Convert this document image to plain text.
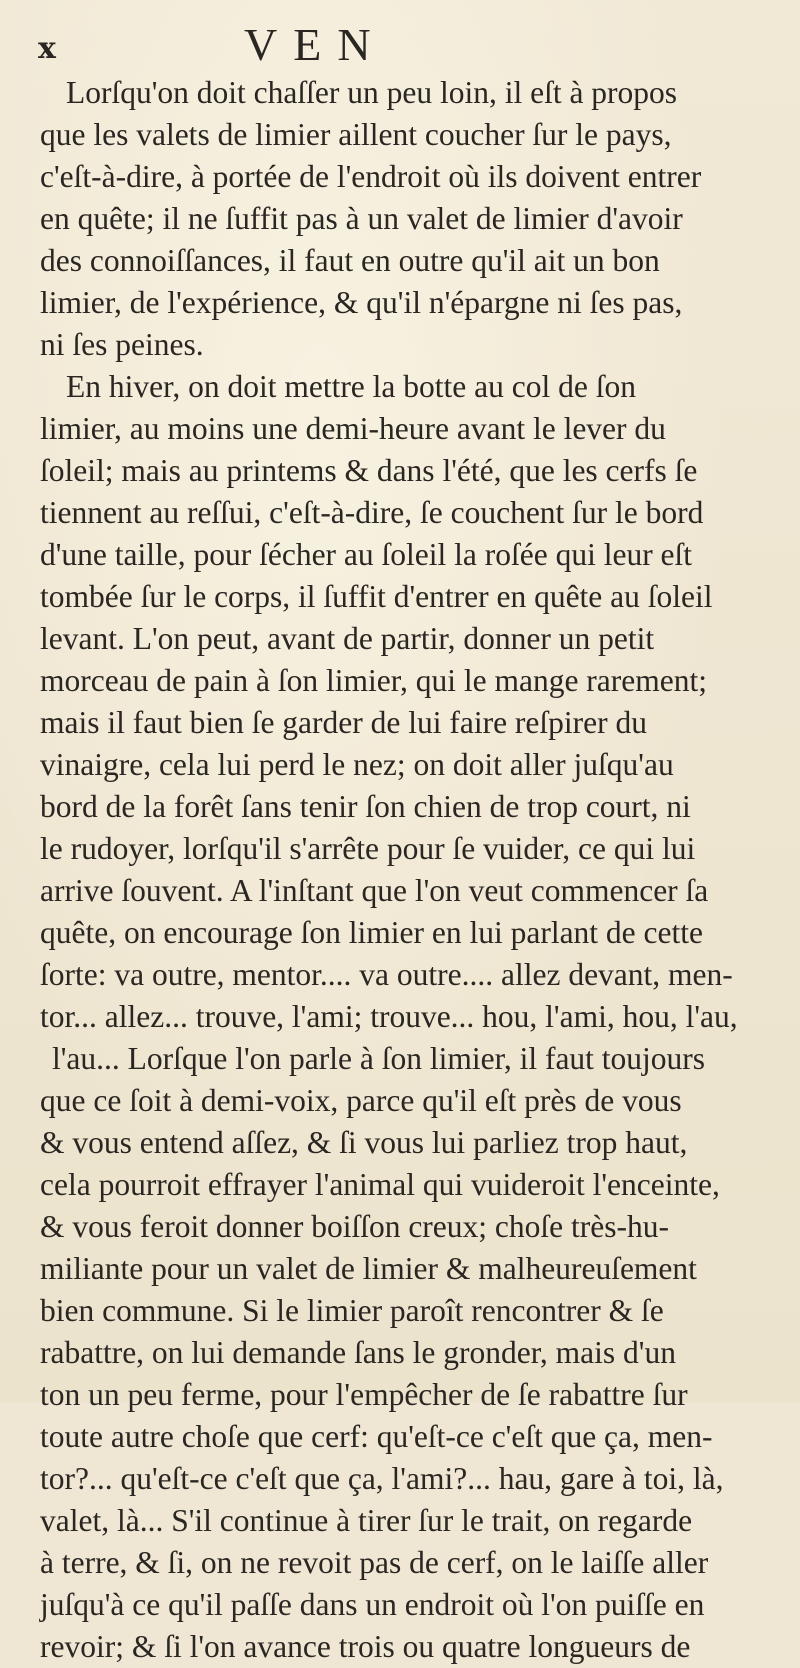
x	VEN
Lorſqu'on doit chaſſer un peu loin, il eſt à propos
que les valets de limier aillent coucher ſur le pays,
c'eſt-à-dire, à portée de l'endroit où ils doivent entrer
en quête; il ne ſuffit pas à un valet de limier d'avoir
des connoiſſances, il faut en outre qu'il ait un bon
limier, de l'expérience, & qu'il n'épargne ni ſes pas,
ni ſes peines.
En hiver, on doit mettre la botte au col de ſon
limier, au moins une demi-heure avant le lever du
ſoleil; mais au printems & dans l'été, que les cerfs ſe
tiennent au reſſui, c'eſt-à-dire, ſe couchent ſur le bord
d'une taille, pour ſécher au ſoleil la roſée qui leur eſt
tombée ſur le corps, il ſuffit d'entrer en quête au ſoleil
levant. L'on peut, avant de partir, donner un petit
morceau de pain à ſon limier, qui le mange rarement;
mais il faut bien ſe garder de lui faire reſpirer du
vinaigre, cela lui perd le nez; on doit aller juſqu'au
bord de la forêt ſans tenir ſon chien de trop court, ni
le rudoyer, lorſqu'il s'arrête pour ſe vuider, ce qui lui
arrive ſouvent. A l'inſtant que l'on veut commencer ſa
quête, on encourage ſon limier en lui parlant de cette
ſorte: va outre, mentor.... va outre.... allez devant, men-
tor... allez... trouve, l'ami; trouve... hou, l'ami, hou, l'au,
l'au... Lorſque l'on parle à ſon limier, il faut toujours
que ce ſoit à demi-voix, parce qu'il eſt près de vous
& vous entend aſſez, & ſi vous lui parliez trop haut,
cela pourroit effrayer l'animal qui vuideroit l'enceinte,
& vous feroit donner boiſſon creux; choſe très-hu-
miliante pour un valet de limier & malheureuſement
bien commune. Si le limier paroît rencontrer & ſe
rabattre, on lui demande ſans le gronder, mais d'un
ton un peu ferme, pour l'empêcher de ſe rabattre ſur
toute autre choſe que cerf: qu'eſt-ce c'eſt que ça, men-
tor?... qu'eſt-ce c'eſt que ça, l'ami?... hau, gare à toi, là,
valet, là... S'il continue à tirer ſur le trait, on regarde
à terre, & ſi, on ne revoit pas de cerf, on le laiſſe aller
juſqu'à ce qu'il paſſe dans un endroit où l'on puiſſe en
revoir; & ſi l'on avance trois ou quatre longueurs de
